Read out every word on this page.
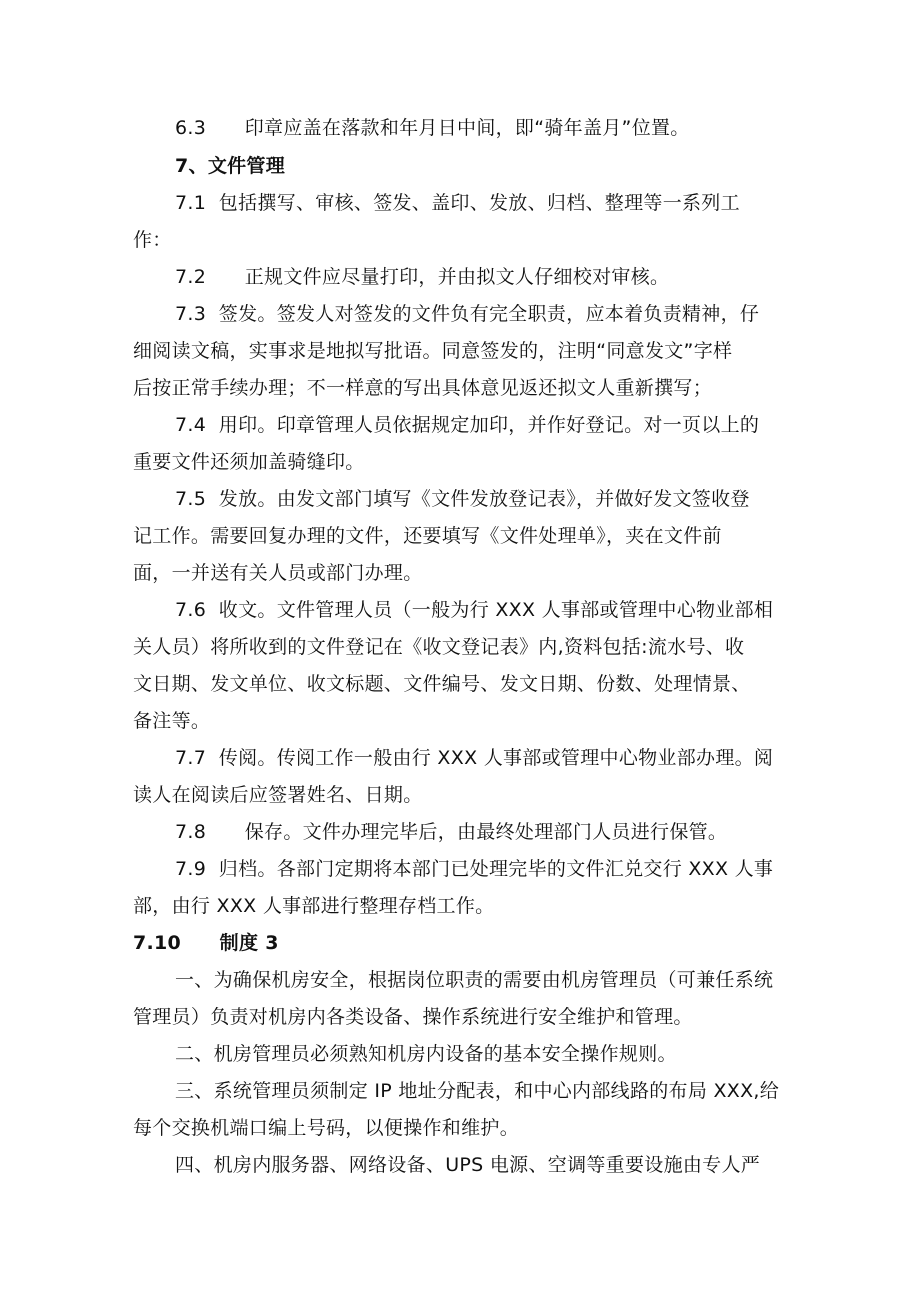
6.3　　印章应盖在落款和年月日中间，即“骑年盖月”位置。
7、文件管理
7.1  包括撰写、审核、签发、盖印、发放、归档、整理等一系列工
作：
7.2　　正规文件应尽量打印，并由拟文人仔细校对审核。
7.3  签发。签发人对签发的文件负有完全职责，应本着负责精神，仔
细阅读文稿，实事求是地拟写批语。同意签发的，注明“同意发文”字样
后按正常手续办理；不一样意的写出具体意见返还拟文人重新撰写；
7.4  用印。印章管理人员依据规定加印，并作好登记。对一页以上的
重要文件还须加盖骑缝印。
7.5  发放。由发文部门填写《文件发放登记表》，并做好发文签收登
记工作。需要回复办理的文件，还要填写《文件处理单》，夹在文件前
面，一并送有关人员或部门办理。
7.6  收文。文件管理人员（一般为行 XXX 人事部或管理中心物业部相
关人员）将所收到的文件登记在《收文登记表》内,资料包括:流水号、收
文日期、发文单位、收文标题、文件编号、发文日期、份数、处理情景、
备注等。
7.7  传阅。传阅工作一般由行 XXX 人事部或管理中心物业部办理。阅
读人在阅读后应签署姓名、日期。
7.8　　保存。文件办理完毕后，由最终处理部门人员进行保管。
7.9  归档。各部门定期将本部门已处理完毕的文件汇兑交行 XXX 人事
部，由行 XXX 人事部进行整理存档工作。
7.10　　制度 3
一、为确保机房安全，根据岗位职责的需要由机房管理员（可兼任系统
管理员）负责对机房内各类设备、操作系统进行安全维护和管理。
二、机房管理员必须熟知机房内设备的基本安全操作规则。
三、系统管理员须制定 IP 地址分配表，和中心内部线路的布局 XXX,给
每个交换机端口编上号码，以便操作和维护。
四、机房内服务器、网络设备、UPS 电源、空调等重要设施由专人严
